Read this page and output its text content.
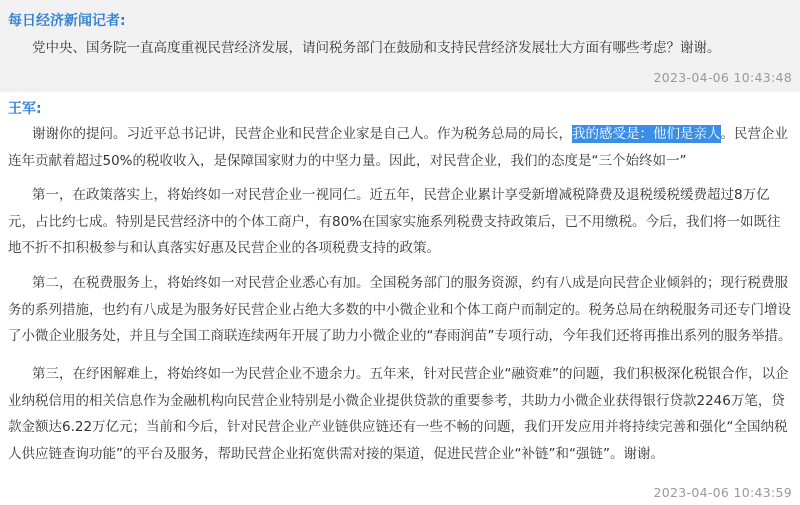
每日经济新闻记者:
党中央、国务院一直高度重视民营经济发展，请问税务部门在鼓励和支持民营经济发展壮大方面有哪些考虑？谢谢。
2023-04-06 10:43:48
王军:

谢谢你的提问。习近平总书记讲，民营企业和民营企业家是自己人。作为税务总局的局长，我的感受是：他们是亲人。民营企业连年贡献着超过50%的税收收入，是保障国家财力的中坚力量。因此，对民营企业，我们的态度是“三个始终如一”

第一，在政策落实上，将始终如一对民营企业一视同仁。近五年，民营企业累计享受新增减税降费及退税缓税缓费超过8万亿元，占比约七成。特别是民营经济中的个体工商户，有80%在国家实施系列税费支持政策后，已不用缴税。今后，我们将一如既往地不折不扣积极参与和认真落实好惠及民营企业的各项税费支持的政策。

第二，在税费服务上，将始终如一对民营企业悉心有加。全国税务部门的服务资源，约有八成是向民营企业倾斜的；现行税费服务的系列措施，也约有八成是为服务好民营企业占绝大多数的中小微企业和个体工商户而制定的。税务总局在纳税服务司还专门增设了小微企业服务处，并且与全国工商联连续两年开展了助力小微企业的“春雨润苗”专项行动，今年我们还将再推出系列的服务举措。

第三，在纾困解难上，将始终如一为民营企业不遗余力。五年来，针对民营企业“融资难”的问题，我们积极深化税银合作，以企业纳税信用的相关信息作为金融机构向民营企业特别是小微企业提供贷款的重要参考，共助力小微企业获得银行贷款2246万笔，贷款金额达6.22万亿元；当前和今后，针对民营企业产业链供应链还有一些不畅的问题，我们开发应用并将持续完善和强化“全国纳税人供应链查询功能”的平台及服务，帮助民营企业拓宽供需对接的渠道，促进民营企业“补链”和“强链”。谢谢。

2023-04-06 10:43:59
